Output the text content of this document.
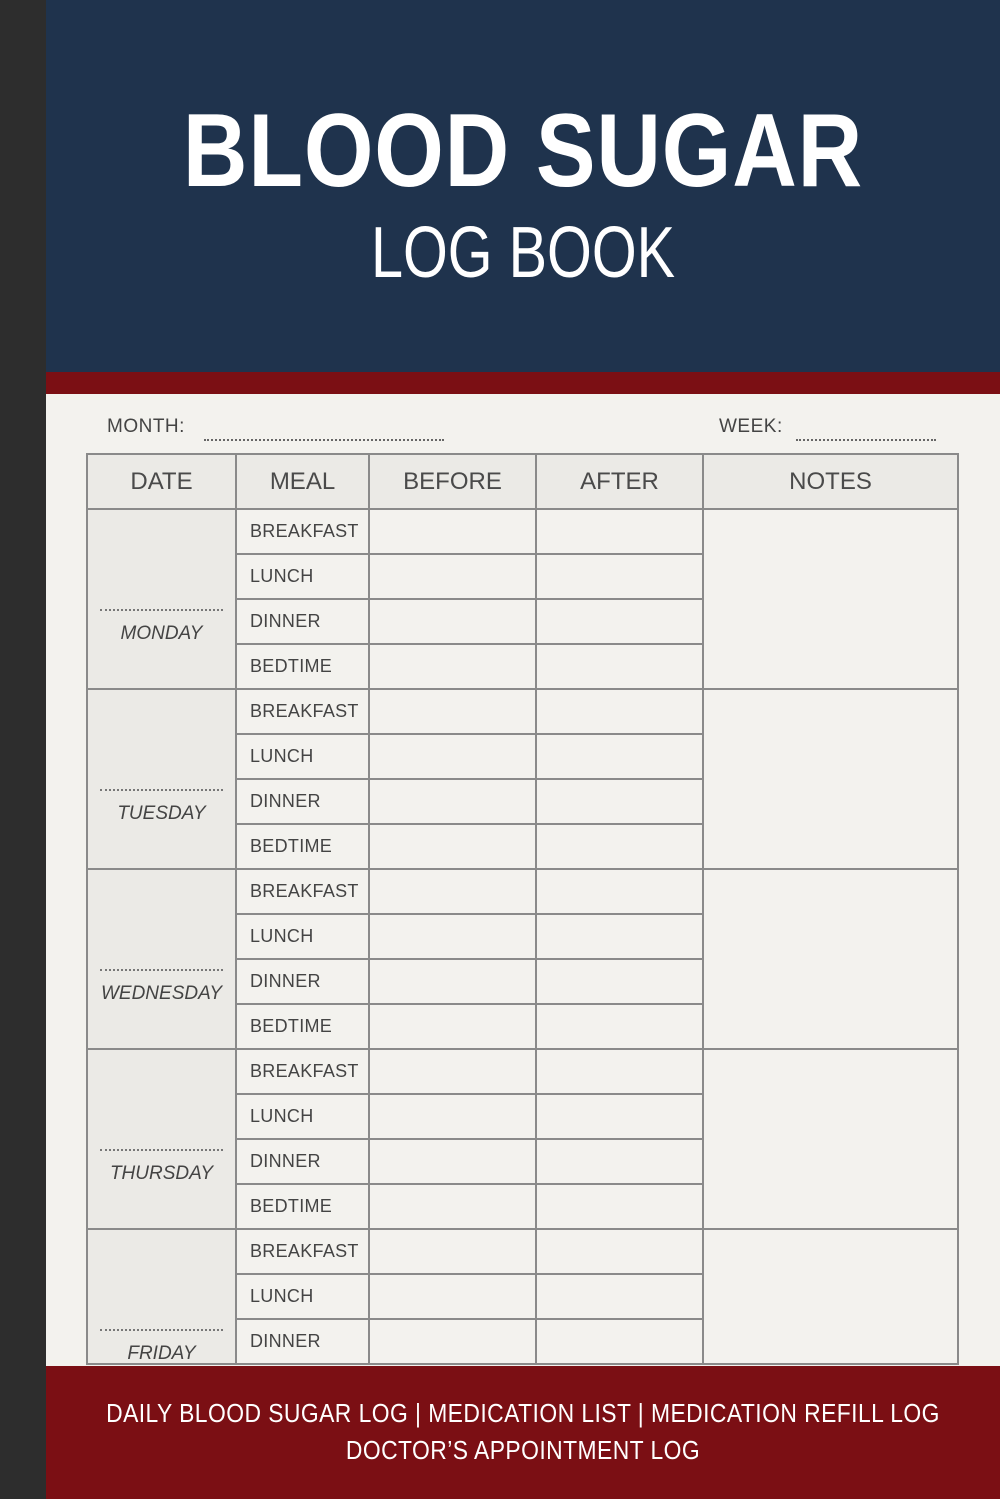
BLOOD SUGAR
LOG BOOK
MONTH:	WEEK:
DATE	MEAL	BEFORE	AFTER	NOTES

MONDAY	BREAKFAST			
	LUNCH			
	DINNER			
	BEDTIME			

TUESDAY	BREAKFAST			
	LUNCH			
	DINNER			
	BEDTIME			

WEDNESDAY	BREAKFAST			
	LUNCH			
	DINNER			
	BEDTIME			

THURSDAY	BREAKFAST			
	LUNCH			
	DINNER			
	BEDTIME			

FRIDAY	BREAKFAST			
	LUNCH			
	DINNER			
DAILY BLOOD SUGAR LOG | MEDICATION LIST | MEDICATION REFILL LOG
DOCTOR’S APPOINTMENT LOG
